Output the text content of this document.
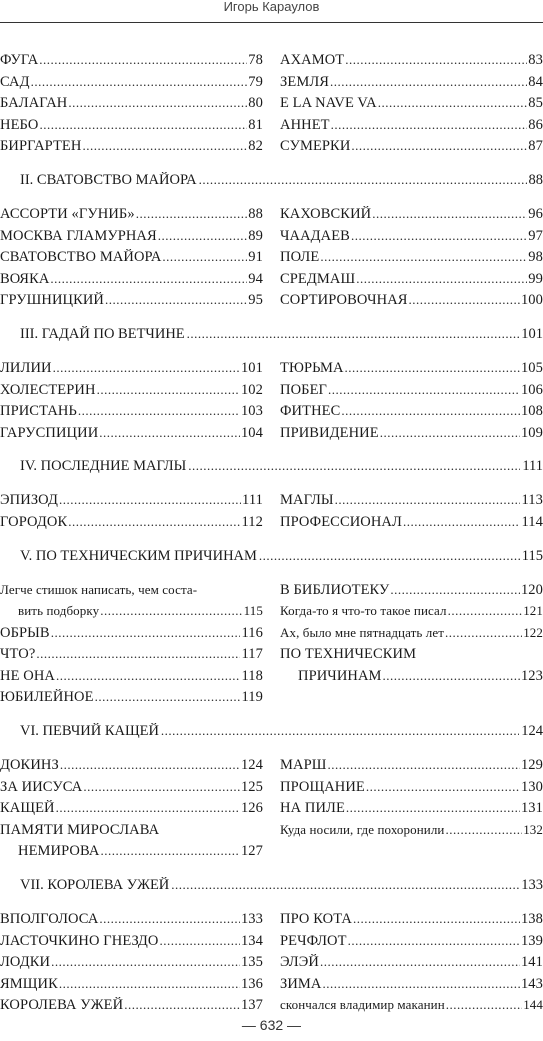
Игорь Караулов
ФУГА .....	78
САД .....	79
БАЛАГАН .....	80
НЕБО .....	81
БИРГАРТЕН .....	82
АХАМОТ .....	83
ЗЕМЛЯ .....	84
E LA NAVE VA .....	85
АННЕТ .....	86
СУМЕРКИ .....	87
II. СВАТОВСТВО МАЙОРА .....	88
АССОРТИ «ГУНИБ» .....	88
МОСКВА ГЛАМУРНАЯ .....	89
СВАТОВСТВО МАЙОРА .....	91
ВОЯКА .....	94
ГРУШНИЦКИЙ .....	95
КАХОВСКИЙ .....	96
ЧААДАЕВ .....	97
ПОЛЕ .....	98
СРЕДМАШ .....	99
СОРТИРОВОЧНАЯ .....	100
III. ГАДАЙ ПО ВЕТЧИНЕ .....	101
ЛИЛИИ .....	101
ХОЛЕСТЕРИН .....	102
ПРИСТАНЬ .....	103
ГАРУСПИЦИИ .....	104
ТЮРЬМА .....	105
ПОБЕГ .....	106
ФИТНЕС .....	108
ПРИВИДЕНИЕ .....	109
IV. ПОСЛЕДНИЕ МАГЛЫ .....	111
ЭПИЗОД .....	111
ГОРОДОК .....	112
МАГЛЫ .....	113
ПРОФЕССИОНАЛ .....	114
V. ПО ТЕХНИЧЕСКИМ ПРИЧИНАМ .....	115
Легче стишок написать, чем соста-
вить подборку .....	115
ОБРЫВ .....	116
ЧТО? .....	117
НЕ ОНА .....	118
ЮБИЛЕЙНОЕ .....	119
В БИБЛИОТЕКУ .....	120
Когда-то я что-то такое писал .....	121
Ах, было мне пятнадцать лет .....	122
ПО ТЕХНИЧЕСКИМ
ПРИЧИНАМ .....	123
VI. ПЕВЧИЙ КАЩЕЙ .....	124
ДОКИНЗ .....	124
ЗА ИИСУСА .....	125
КАЩЕЙ .....	126
ПАМЯТИ МИРОСЛАВА
НЕМИРОВА .....	127
МАРШ .....	129
ПРОЩАНИЕ .....	130
НА ПИЛЕ .....	131
Куда носили, где похоронили .....	132
VII. КОРОЛЕВА УЖЕЙ .....	133
ВПОЛГОЛОСА .....	133
ЛАСТОЧКИНО ГНЕЗДО .....	134
ЛОДКИ .....	135
ЯМЩИК .....	136
КОРОЛЕВА УЖЕЙ .....	137
ПРО КОТА .....	138
РЕЧФЛОТ .....	139
ЭЛЭЙ .....	141
ЗИМА .....	143
скончался владимир маканин .....	144
— 632 —
